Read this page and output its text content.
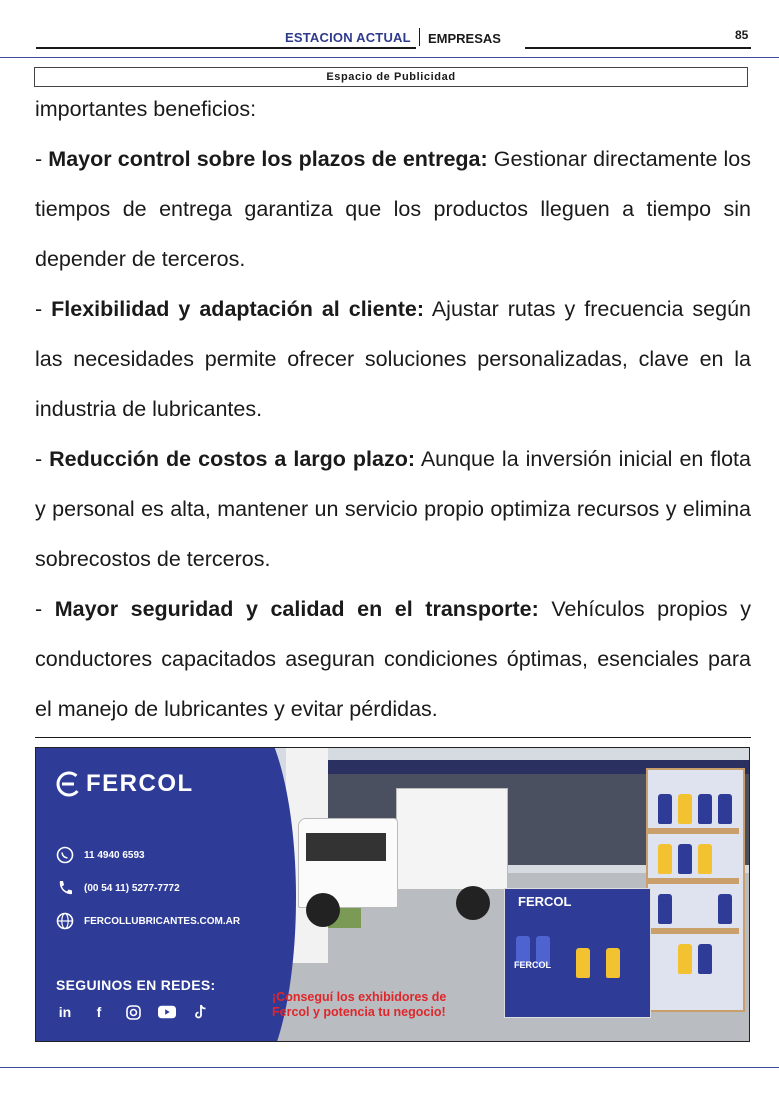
ESTACION ACTUAL EMPRESAS	85
Espacio de Publicidad
importantes beneficios:
- Mayor control sobre los plazos de entrega: Gestionar directamente los tiempos de entrega garantiza que los productos lleguen a tiempo sin depender de terceros.
- Flexibilidad y adaptación al cliente: Ajustar rutas y frecuencia según las necesidades permite ofrecer soluciones personalizadas, clave en la industria de lubricantes.
- Reducción de costos a largo plazo: Aunque la inversión inicial en flota y personal es alta, mantener un servicio propio optimiza recursos y elimina sobrecostos de terceros.
- Mayor seguridad y calidad en el transporte: Vehículos propios y conductores capacitados aseguran condiciones óptimas, esenciales para el manejo de lubricantes y evitar pérdidas.
FERCOL
FERCOL
FERCOL
11 4940 6593
(00 54 11) 5277-7772
FERCOLLUBRICANTES.COM.AR
SEGUINOS EN REDES:
in	f
¡Conseguí los exhibidores de
Fercol y potencia tu negocio!
